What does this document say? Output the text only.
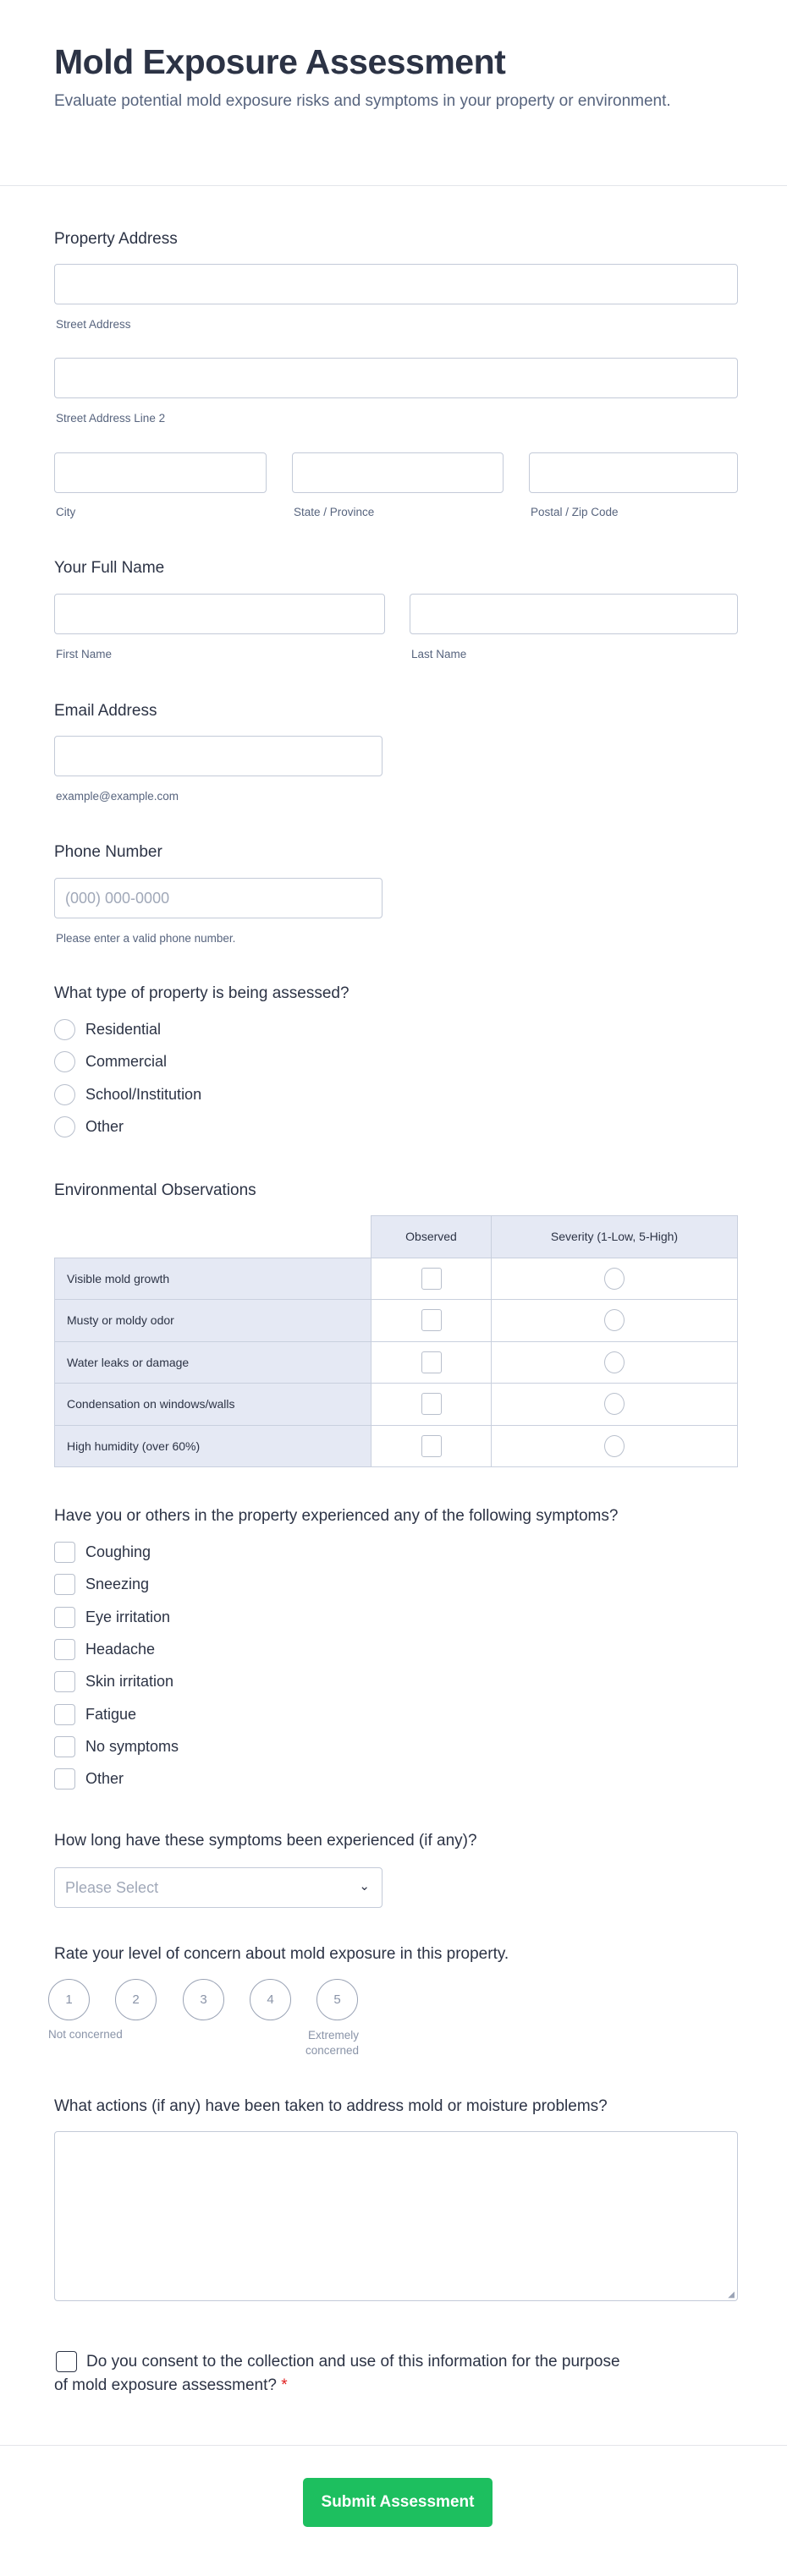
Mold Exposure Assessment
Evaluate potential mold exposure risks and symptoms in your property or environment.
Property Address
Street Address
Street Address Line 2
City	State / Province	Postal / Zip Code
Your Full Name
First Name	Last Name
Email Address
example@example.com
Phone Number
(000) 000-0000
Please enter a valid phone number.
What type of property is being assessed?
Residential
Commercial
School/Institution
Other
Environmental Observations
	Observed	Severity (1-Low, 5-High)
Visible mold growth		
Musty or moldy odor		
Water leaks or damage		
Condensation on windows/walls		
High humidity (over 60%)		
Have you or others in the property experienced any of the following symptoms?
Coughing
Sneezing
Eye irritation
Headache
Skin irritation
Fatigue
No symptoms
Other
How long have these symptoms been experienced (if any)?
Please Select	⌄
Rate your level of concern about mold exposure in this property.
1	2	3	4	5
Not concerned	Extremely concerned
What actions (if any) have been taken to address mold or moisture problems?
◢
Do you consent to the collection and use of this information for the purpose of mold exposure assessment? *
Submit Assessment
